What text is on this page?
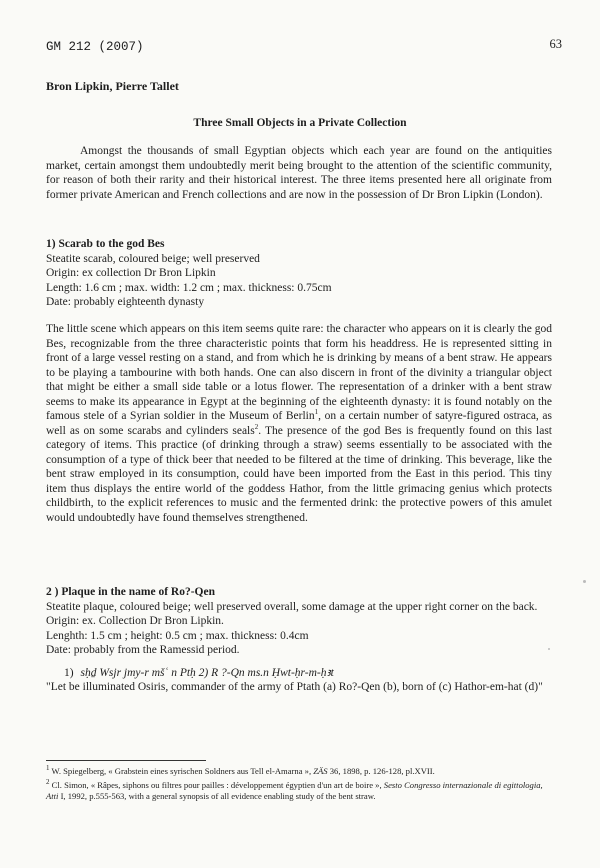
GM 212 (2007)	63
Bron Lipkin, Pierre Tallet
Three Small Objects in a Private Collection

Amongst the thousands of small Egyptian objects which each year are found on the antiquities market, certain amongst them undoubtedly merit being brought to the attention of the scientific community, for reason of both their rarity and their historical interest. The three items presented here all originate from former private American and French collections and are now in the possession of Dr Bron Lipkin (London).

1) Scarab to the god Bes
Steatite scarab, coloured beige; well preserved
Origin: ex collection Dr Bron Lipkin
Length: 1.6 cm ; max. width: 1.2 cm ; max. thickness: 0.75cm
Date: probably eighteenth dynasty

The little scene which appears on this item seems quite rare: the character who appears on it is clearly the god Bes, recognizable from the three characteristic points that form his headdress. He is represented sitting in front of a large vessel resting on a stand, and from which he is drinking by means of a bent straw. He appears to be playing a tambourine with both hands. One can also discern in front of the divinity a triangular object that might be either a small side table or a lotus flower. The representation of a drinker with a bent straw seems to make its appearance in Egypt at the beginning of the eighteenth dynasty: it is found notably on the famous stele of a Syrian soldier in the Museum of Berlin$^1$, on a certain number of satyre-figured ostraca, as well as on some scarabs and cylinders seals$^2$. The presence of the god Bes is frequently found on this last category of items. This practice (of drinking through a straw) seems essentially to be associated with the consumption of a type of thick beer that needed to be filtered at the time of drinking. This beverage, like the bent straw employed in its consumption, could have been imported from the East in this period. This tiny item thus displays the entire world of the goddess Hathor, from the little grimacing genius which protects childbirth, to the explicit references to music and the fermented drink: the protective powers of this amulet would undoubtedly have found themselves strengthened.

2 ) Plaque in the name of Ro?-Qen
Steatite plaque, coloured beige; well preserved overall, some damage at the upper right corner on the back.
Origin: ex. Collection Dr Bron Lipkin.
Lenghth: 1.5 cm ; height: 0.5 cm ; max. thickness: 0.4cm
Date: probably from the Ramessid period.
1) sḥḏ Wsjr jmy-r mšʿ n Ptḥ 2) R ?-Qn ms.n Ḥwt-ḥr-m-ḥꜣt

"Let be illuminated Osiris, commander of the army of Ptath (a) Ro?-Qen (b), born of (c) Hathor-em-hat (d)"

$^1$ W. Spiegelberg, « Grabstein eines syrischen Soldners aus Tell el-Amarna », ZÄS 36, 1898, p. 126-128, pl.XVII.
$^2$ Cl. Simon, « Râpes, siphons ou filtres pour pailles : développement égyptien d'un art de boire », Sesto Congresso internazionale di egittologia, Atti I, 1992, p.555-563, with a general synopsis of all evidence enabling study of the bent straw.
